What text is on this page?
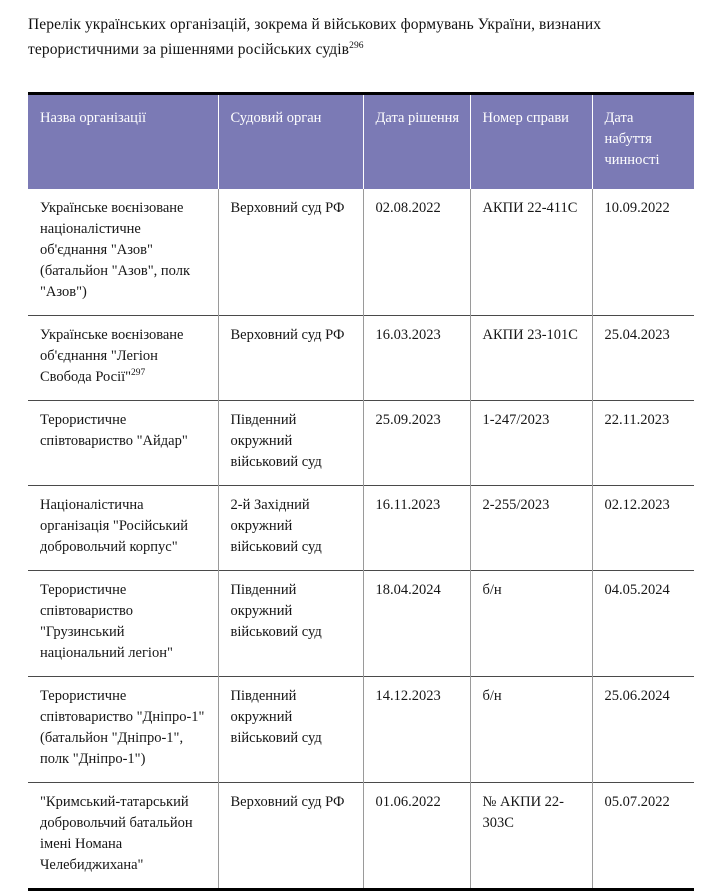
Перелік українських організацій, зокрема й військових формувань України, визнаних терористичними за рішеннями російських судів$^{296}$
Назва організації	Судовий орган	Дата рішення	Номер справи	Дата набуття чинності
Українське воєнізоване націоналістичне об'єднання "Азов" (батальйон "Азов", полк "Азов")	Верховний суд РФ	02.08.2022	АКПИ 22-411С	10.09.2022
Українське воєнізоване об'єднання "Легіон Свобода Росії"$^{297}$	Верховний суд РФ	16.03.2023	АКПИ 23-101С	25.04.2023
Терористичне співтовариство "Айдар"	Південний окружний військовий суд	25.09.2023	1-247/2023	22.11.2023
Націоналістична організація "Російський добровольчий корпус"	2-й Західний окружний військовий суд	16.11.2023	2-255/2023	02.12.2023
Терористичне співтовариство "Грузинський національний легіон"	Південний окружний військовий суд	18.04.2024	б/н	04.05.2024
Терористичне співтовариство "Дніпро-1" (батальйон "Дніпро-1", полк "Дніпро-1")	Південний окружний військовий суд	14.12.2023	б/н	25.06.2024
"Кримський-татарський добровольчий батальйон імені Номана Челебиджихана"	Верховний суд РФ	01.06.2022	№ АКПИ 22-303С	05.07.2022
